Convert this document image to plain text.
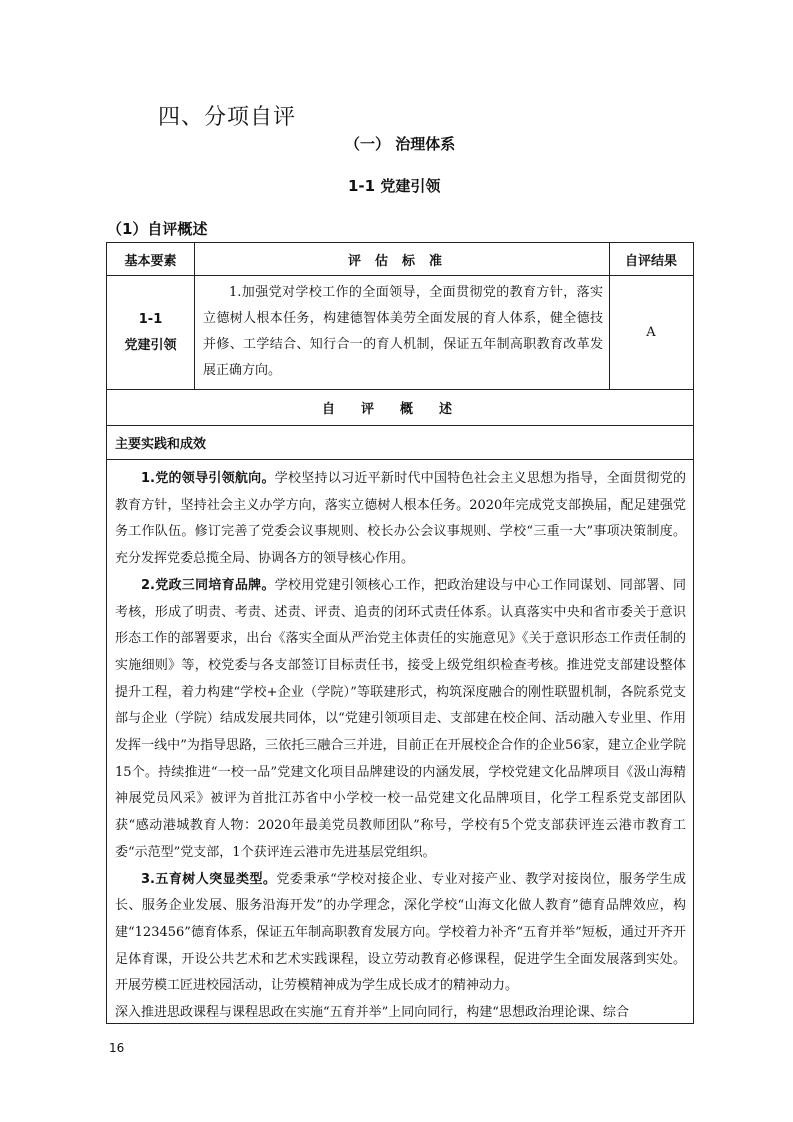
四、分项自评
（一） 治理体系
1-1 党建引领
（1）自评概述
基本要素	评估标准	自评结果
1-1
党建引领
1.加强党对学校工作的全面领导，全面贯彻党的教育方针，落实立德树人根本任务，构建德智体美劳全面发展的育人体系，健全德技并修、工学结合、知行合一的育人机制，保证五年制高职教育改革发展正确方向。
A
自评概述
主要实践和成效

1.党的领导引领航向。学校坚持以习近平新时代中国特色社会主义思想为指导，全面贯彻党的教育方针，坚持社会主义办学方向，落实立德树人根本任务。2020年完成党支部换届，配足建强党务工作队伍。修订完善了党委会议事规则、校长办公会议事规则、学校“三重一大”事项决策制度。充分发挥党委总揽全局、协调各方的领导核心作用。

2.党政三同培育品牌。学校用党建引领核心工作，把政治建设与中心工作同谋划、同部署、同考核，形成了明责、考责、述责、评责、追责的闭环式责任体系。认真落实中央和省市委关于意识形态工作的部署要求，出台《落实全面从严治党主体责任的实施意见》《关于意识形态工作责任制的实施细则》等，校党委与各支部签订目标责任书，接受上级党组织检查考核。推进党支部建设整体提升工程，着力构建“学校+企业（学院）”等联建形式，构筑深度融合的刚性联盟机制，各院系党支部与企业（学院）结成发展共同体，以“党建引领项目走、支部建在校企间、活动融入专业里、作用发挥一线中”为指导思路，三依托三融合三并进，目前正在开展校企合作的企业56家，建立企业学院15个。持续推进“一校一品”党建文化项目品牌建设的内涵发展，学校党建文化品牌项目《汲山海精神展党员风采》被评为首批江苏省中小学校一校一品党建文化品牌项目，化学工程系党支部团队获“感动港城教育人物：2020年最美党员教师团队”称号，学校有5个党支部获评连云港市教育工委“示范型”党支部，1个获评连云港市先进基层党组织。

3.五育树人突显类型。党委秉承“学校对接企业、专业对接产业、教学对接岗位，服务学生成长、服务企业发展、服务沿海开发”的办学理念，深化学校“山海文化做人教育”德育品牌效应，构建“123456”德育体系，保证五年制高职教育发展方向。学校着力补齐“五育并举”短板，通过开齐开足体育课，开设公共艺术和艺术实践课程，设立劳动教育必修课程，促进学生全面发展落到实处。开展劳模工匠进校园活动，让劳模精神成为学生成长成才的精神动力。

深入推进思政课程与课程思政在实施“五育并举”上同向同行，构建“思想政治理论课、综合

16
